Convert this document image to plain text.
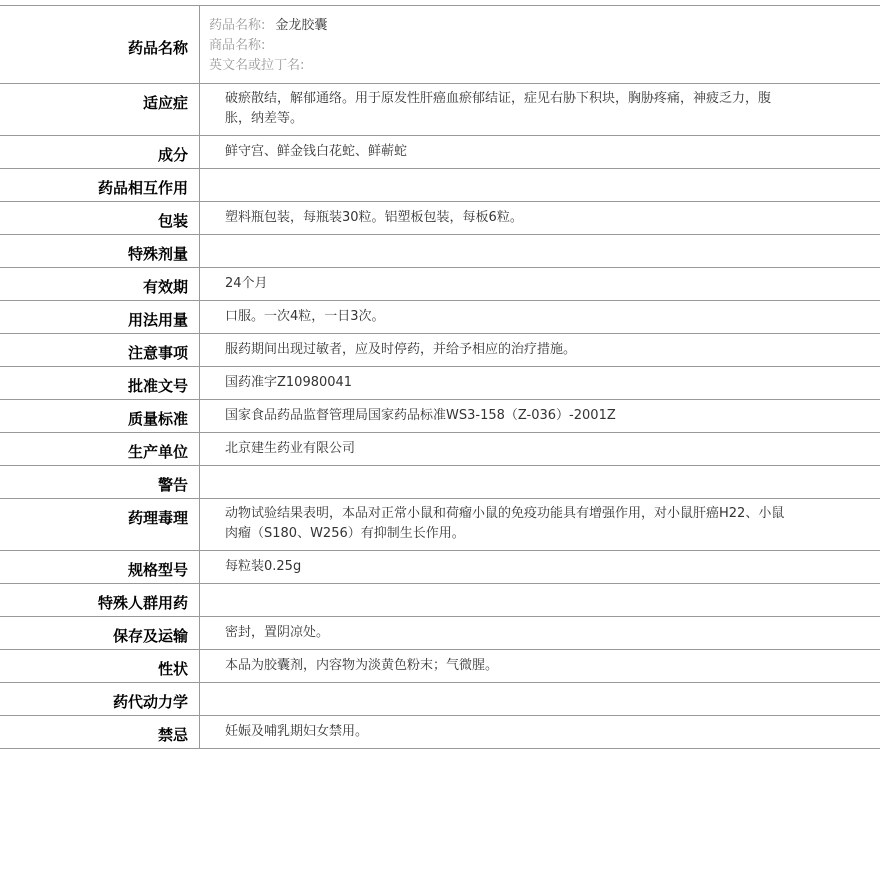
药品名称
药品名称: 金龙胶囊
商品名称:
英文名或拉丁名:
适应症	破瘀散结，解郁通络。用于原发性肝癌血瘀郁结证，症见右胁下积块，胸胁疼痛，神疲乏力，腹胀，纳差等。
成分	鲜守宫、鲜金钱白花蛇、鲜蕲蛇
药品相互作用
包装	塑料瓶包装，每瓶装30粒。铝塑板包装，每板6粒。
特殊剂量
有效期	24个月
用法用量	口服。一次4粒，一日3次。
注意事项	服药期间出现过敏者，应及时停药，并给予相应的治疗措施。
批准文号	国药准字Z10980041
质量标准	国家食品药品监督管理局国家药品标准WS3-158（Z-036）-2001Z
生产单位	北京建生药业有限公司
警告
药理毒理	动物试验结果表明，本品对正常小鼠和荷瘤小鼠的免疫功能具有增强作用，对小鼠肝癌H22、小鼠肉瘤（S180、W256）有抑制生长作用。
规格型号	每粒装0.25g
特殊人群用药
保存及运输	密封，置阴凉处。
性状	本品为胶囊剂，内容物为淡黄色粉末；气微腥。
药代动力学
禁忌	妊娠及哺乳期妇女禁用。
